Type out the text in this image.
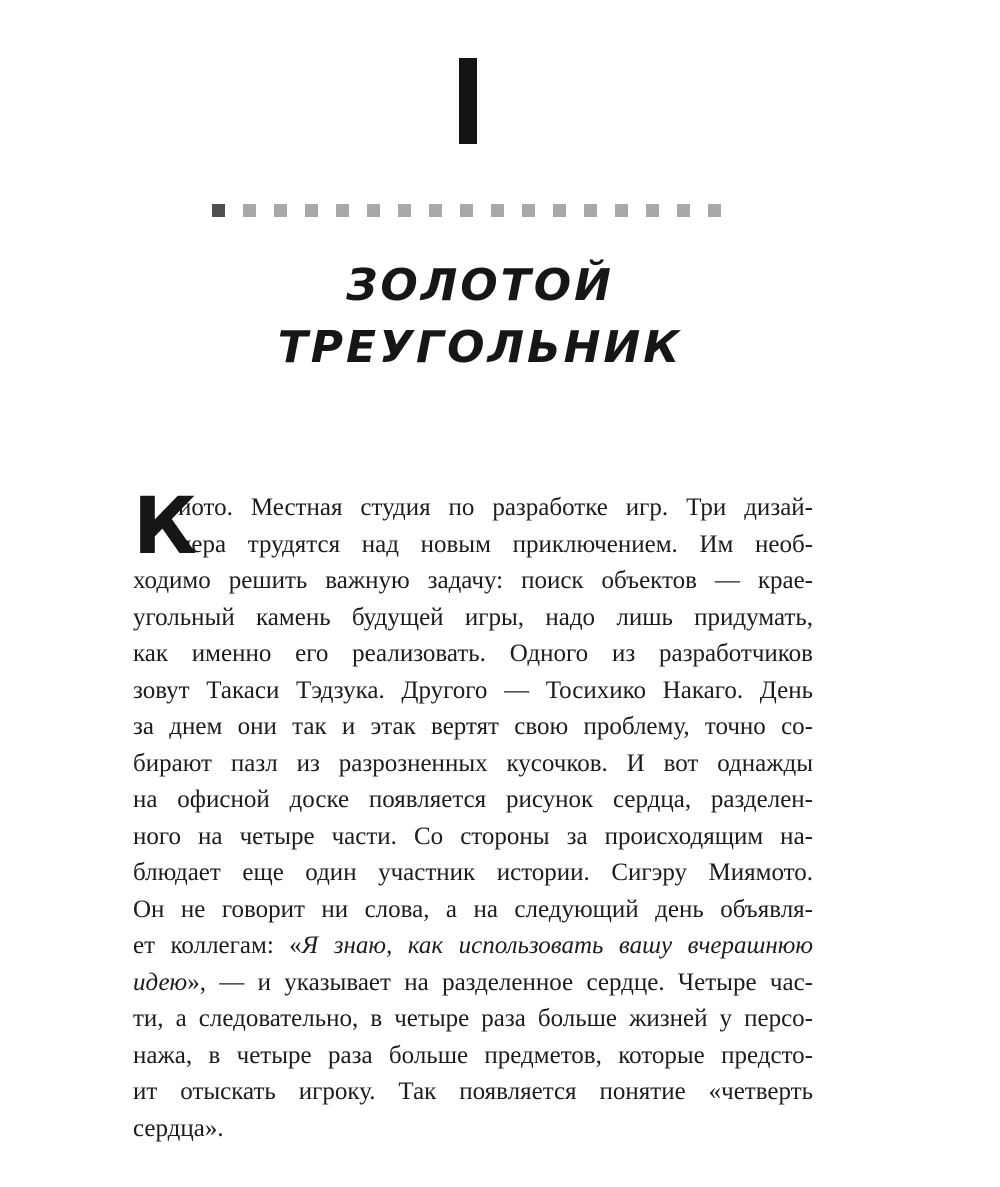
ЗОЛОТОЙ
ТРЕУГОЛЬНИК
К
иото. Местная студия по разработке игр. Три дизай-
нера трудятся над новым приключением. Им необ-
ходимо решить важную задачу: поиск объектов — крае-
угольный камень будущей игры, надо лишь придумать,
как именно его реализовать. Одного из разработчиков
зовут Такаси Тэдзука. Другого — Тосихико Накаго. День
за днем они так и этак вертят свою проблему, точно со-
бирают пазл из разрозненных кусочков. И вот однажды
на офисной доске появляется рисунок сердца, разделен-
ного на четыре части. Со стороны за происходящим на-
блюдает еще один участник истории. Сигэру Миямото.
Он не говорит ни слова, а на следующий день объявля-
ет коллегам: «Я знаю, как использовать вашу вчерашнюю
идею», — и указывает на разделенное сердце. Четыре час-
ти, а следовательно, в четыре раза больше жизней у персо-
нажа, в четыре раза больше предметов, которые предсто-
ит отыскать игроку. Так появляется понятие «четверть
сердца».
